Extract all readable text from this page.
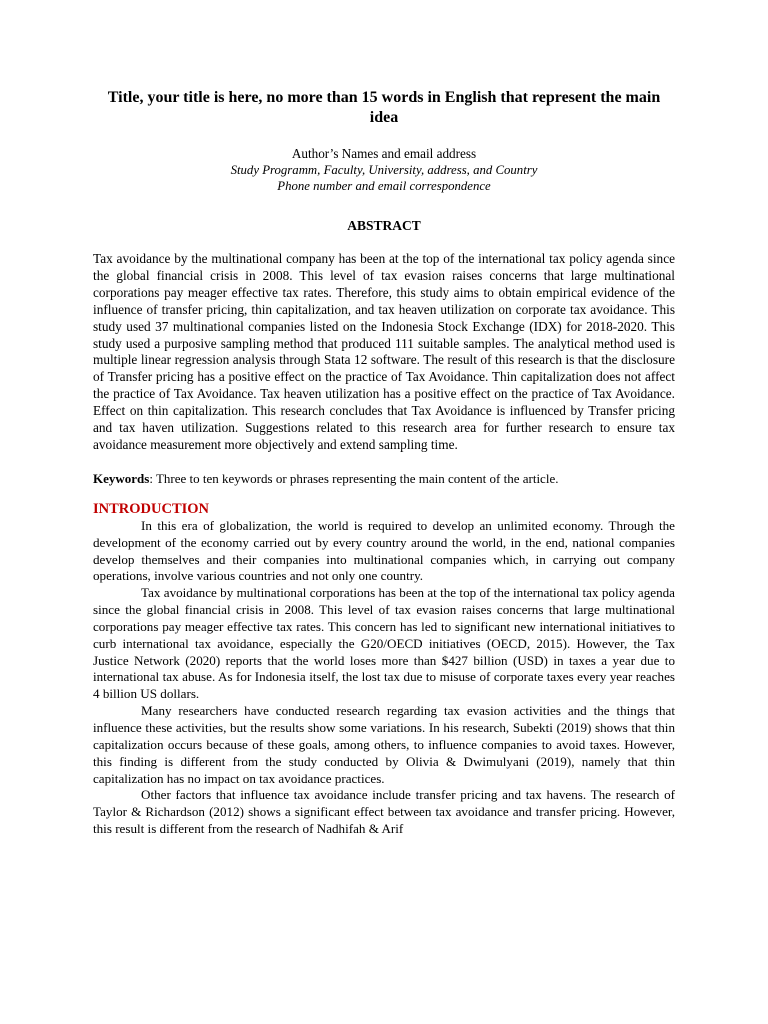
Title, your title is here, no more than 15 words in English that represent the main idea
Author’s Names and email address
Study Programm, Faculty, University, address, and Country
Phone number and email correspondence
ABSTRACT

Tax avoidance by the multinational company has been at the top of the international tax policy agenda since the global financial crisis in 2008. This level of tax evasion raises concerns that large multinational corporations pay meager effective tax rates. Therefore, this study aims to obtain empirical evidence of the influence of transfer pricing, thin capitalization, and tax heaven utilization on corporate tax avoidance. This study used 37 multinational companies listed on the Indonesia Stock Exchange (IDX) for 2018-2020. This study used a purposive sampling method that produced 111 suitable samples. The analytical method used is multiple linear regression analysis through Stata 12 software. The result of this research is that the disclosure of Transfer pricing has a positive effect on the practice of Tax Avoidance. Thin capitalization does not affect the practice of Tax Avoidance. Tax heaven utilization has a positive effect on the practice of Tax Avoidance. Effect on thin capitalization. This research concludes that Tax Avoidance is influenced by Transfer pricing and tax haven utilization. Suggestions related to this research area for further research to ensure tax avoidance measurement more objectively and extend sampling time.

Keywords: Three to ten keywords or phrases representing the main content of the article.

INTRODUCTION

In this era of globalization, the world is required to develop an unlimited economy. Through the development of the economy carried out by every country around the world, in the end, national companies develop themselves and their companies into multinational companies which, in carrying out company operations, involve various countries and not only one country.

Tax avoidance by multinational corporations has been at the top of the international tax policy agenda since the global financial crisis in 2008. This level of tax evasion raises concerns that large multinational corporations pay meager effective tax rates. This concern has led to significant new international initiatives to curb international tax avoidance, especially the G20/OECD initiatives (OECD, 2015). However, the Tax Justice Network (2020) reports that the world loses more than $427 billion (USD) in taxes a year due to international tax abuse. As for Indonesia itself, the lost tax due to misuse of corporate taxes every year reaches 4 billion US dollars.

Many researchers have conducted research regarding tax evasion activities and the things that influence these activities, but the results show some variations. In his research, Subekti (2019) shows that thin capitalization occurs because of these goals, among others, to influence companies to avoid taxes. However, this finding is different from the study conducted by Olivia & Dwimulyani (2019), namely that thin capitalization has no impact on tax avoidance practices.

Other factors that influence tax avoidance include transfer pricing and tax havens. The research of Taylor & Richardson (2012) shows a significant effect between tax avoidance and transfer pricing. However, this result is different from the research of Nadhifah & Arif
